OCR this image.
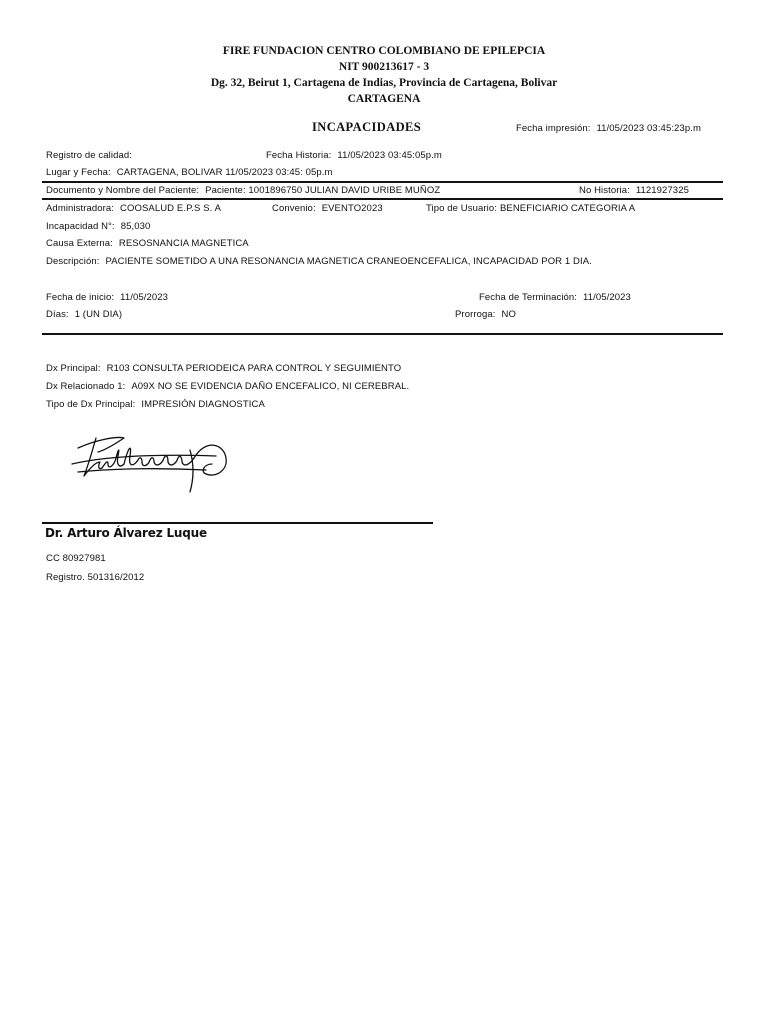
FIRE FUNDACION CENTRO COLOMBIANO DE EPILEPCIA
NIT 900213617 - 3
Dg. 32, Beirut 1, Cartagena de Indias, Provincia de Cartagena, Bolivar
CARTAGENA
INCAPACIDADES	Fecha impresión: 11/05/2023 03:45:23p.m
Registro de calidad:	Fecha Historia: 11/05/2023 03:45:05p.m
Lugar y Fecha: CARTAGENA, BOLIVAR 11/05/2023 03:45: 05p.m
Documento y Nombre del Paciente: Paciente: 1001896750 JULIAN DAVID URIBE MUÑOZ	No Historia: 1121927325
Administradora: COOSALUD E.P.S S. A	Convenio: EVENTO2023	Tipo de Usuario: BENEFICIARIO CATEGORIA A
Incapacidad N°: 85,030
Causa Externa: RESOSNANCIA MAGNETICA
Descripción: PACIENTE SOMETIDO A UNA RESONANCIA MAGNETICA CRANEOENCEFALICA, INCAPACIDAD POR 1 DIA.
Fecha de inicio: 11/05/2023	Fecha de Terminación: 11/05/2023
Días: 1 (UN DIA)	Prorroga: NO
Dx Principal: R103 CONSULTA PERIODEICA PARA CONTROL Y SEGUIMIENTO
Dx Relacionado 1: A09X NO SE EVIDENCIA DAÑO ENCEFALICO, NI CEREBRAL.
Tipo de Dx Principal: IMPRESIÓN DIAGNOSTICA
Dr. Arturo Álvarez Luque
CC 80927981
Registro. 501316/2012
